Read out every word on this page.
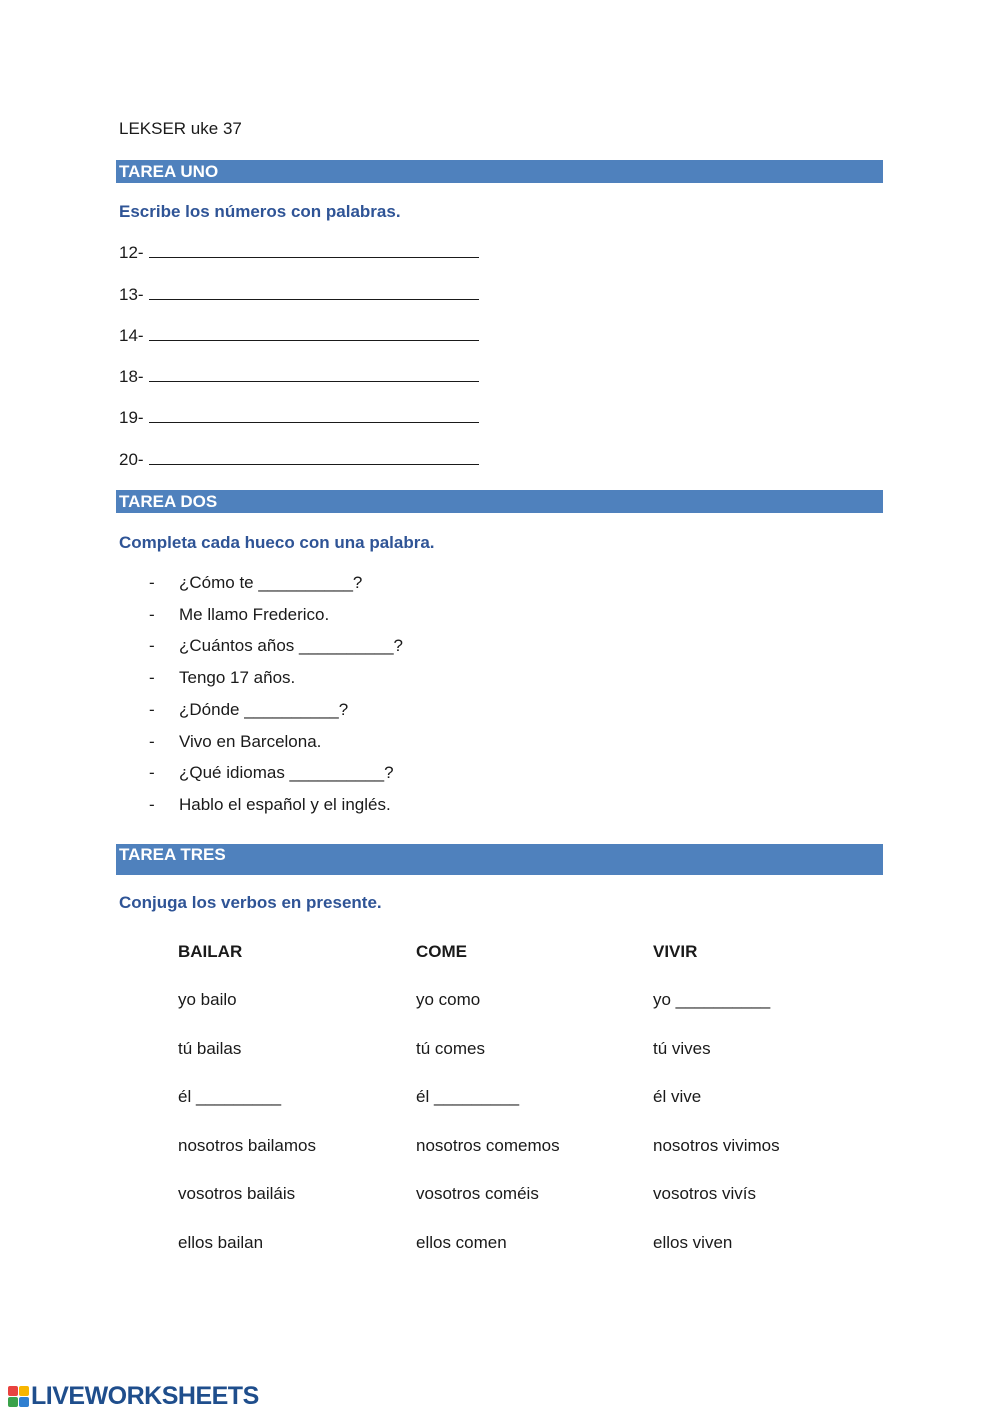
LEKSER uke 37
TAREA UNO
Escribe los números con palabras.
12-
13-
14-
18-
19-
20-
TAREA DOS
Completa cada hueco con una palabra.
- ¿Cómo te __________?
- Me llamo Frederico.
- ¿Cuántos años __________?
- Tengo 17 años.
- ¿Dónde __________?
- Vivo en Barcelona.
- ¿Qué idiomas __________?
- Hablo el español y el inglés.
TAREA TRES
Conjuga los verbos en presente.
BAILAR	COME	VIVIR
yo bailo
tú bailas
él _________
nosotros bailamos
vosotros bailáis
ellos bailan
yo como
tú comes
él _________
nosotros comemos
vosotros coméis
ellos comen
yo __________
tú vives
él vive
nosotros vivimos
vosotros vivís
ellos viven
LIVEWORKSHEETS
